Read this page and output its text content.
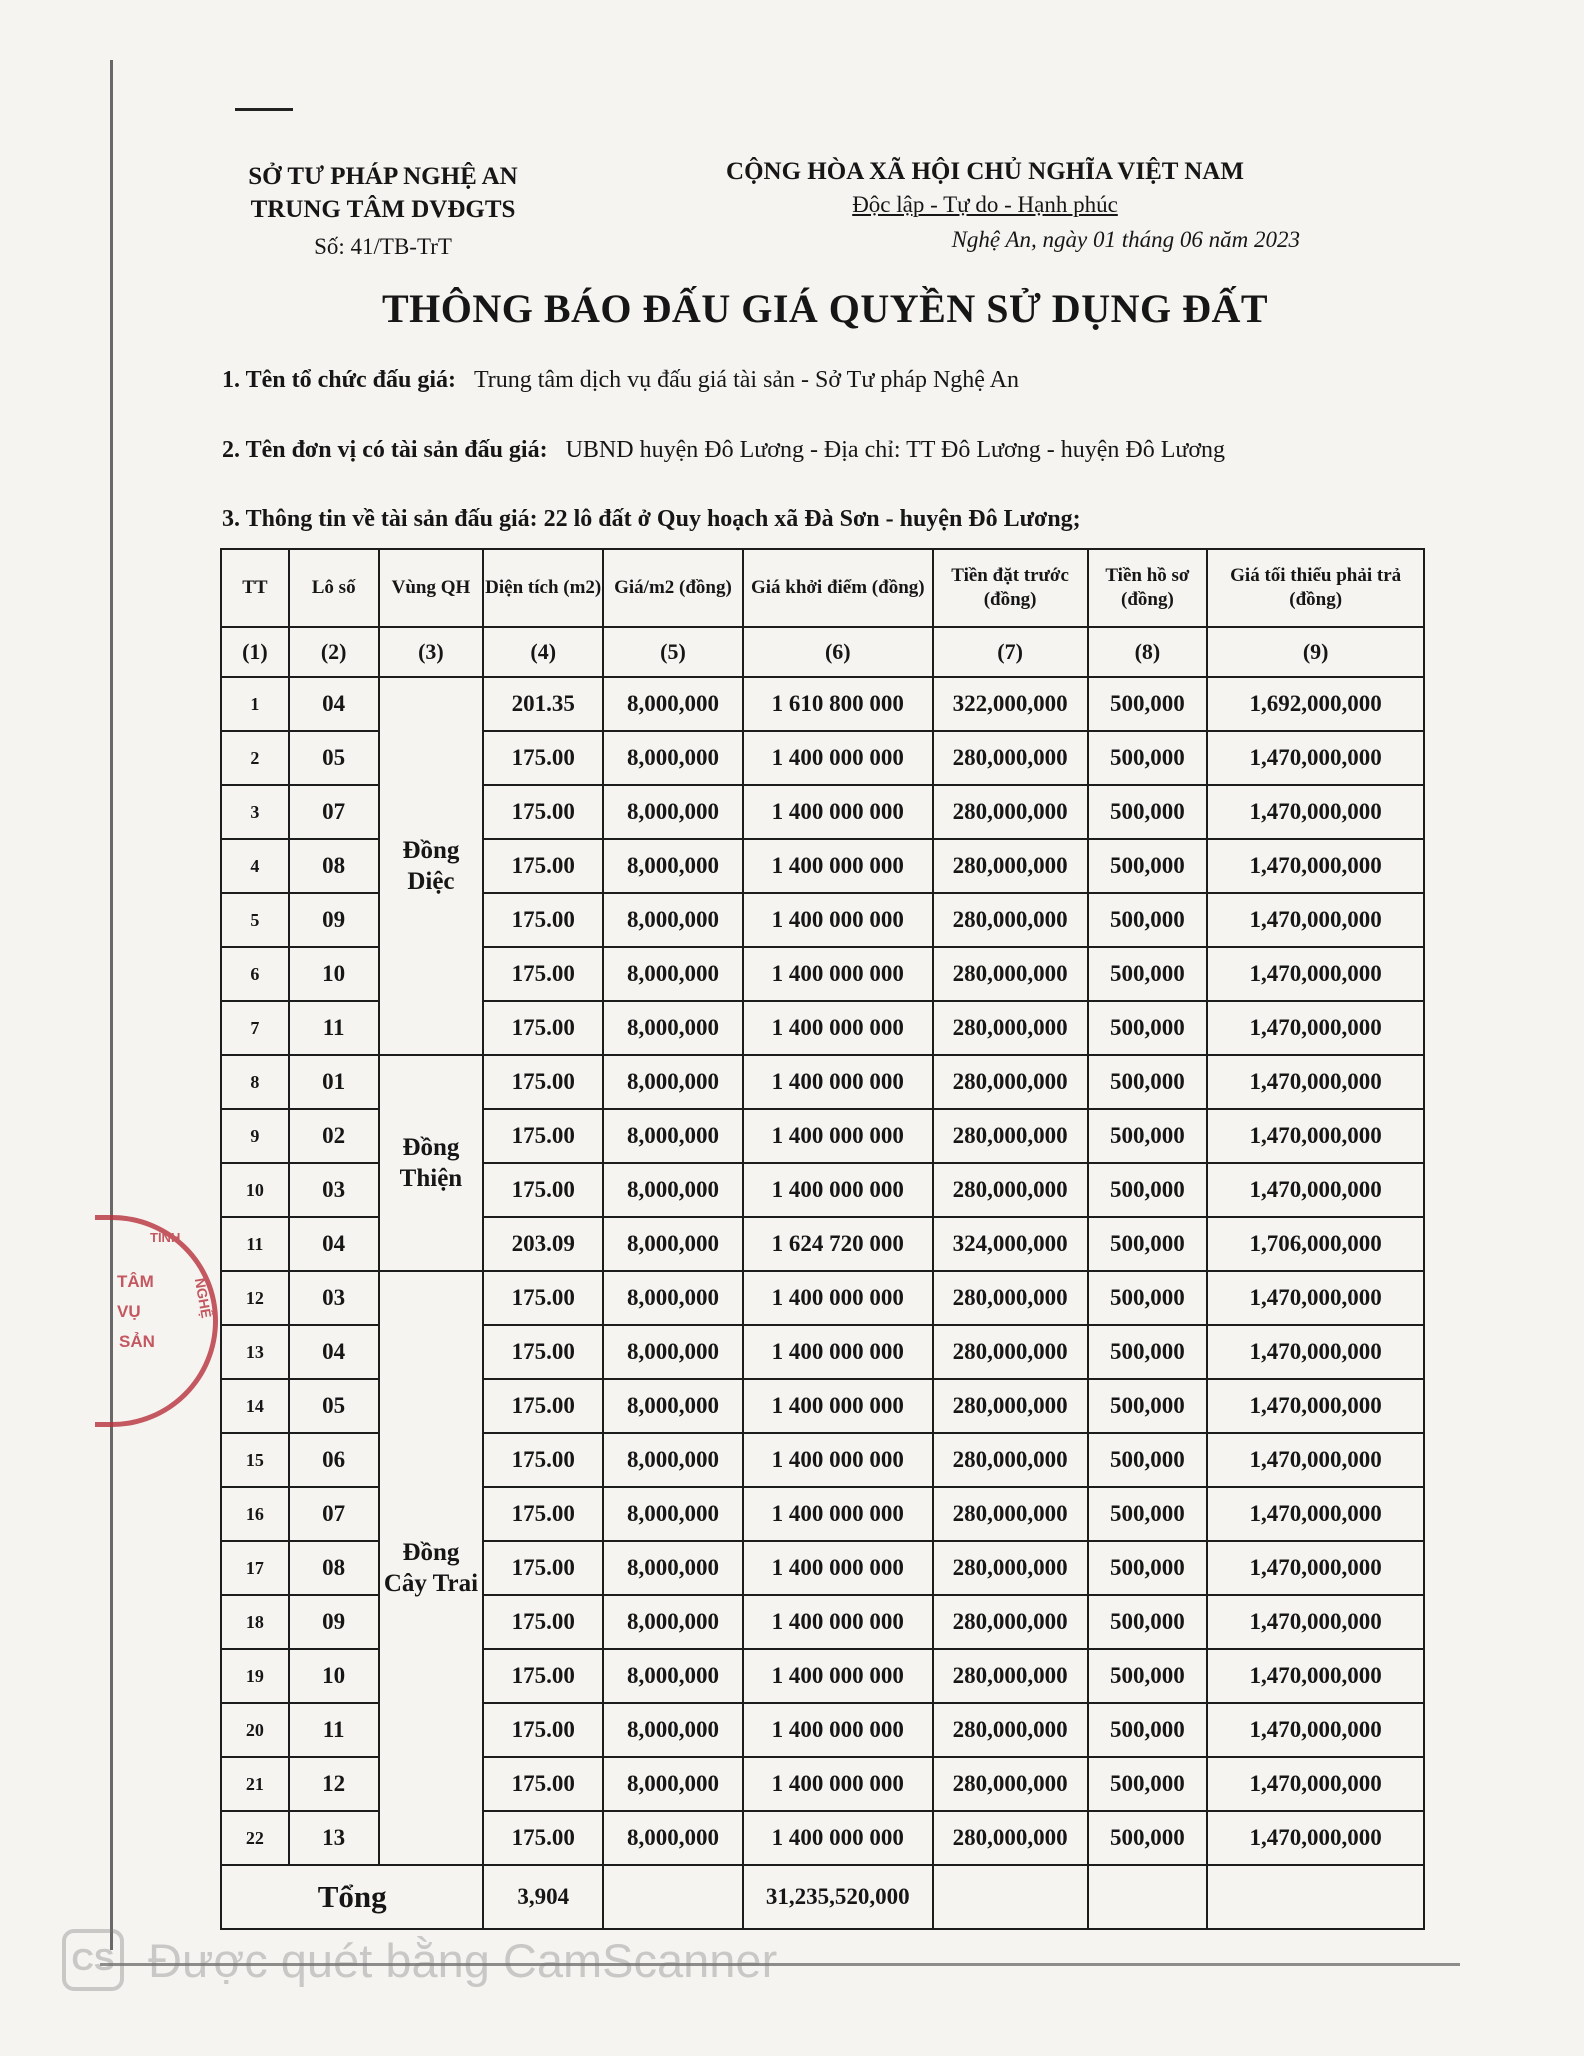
SỞ TƯ PHÁP NGHỆ AN
TRUNG TÂM DVĐGTS
Số: 41/TB-TrT
CỘNG HÒA XÃ HỘI CHỦ NGHĨA VIỆT NAM
Độc lập - Tự do - Hạnh phúc
Nghệ An, ngày 01 tháng 06 năm 2023
THÔNG BÁO ĐẤU GIÁ QUYỀN SỬ DỤNG ĐẤT
1. Tên tổ chức đấu giá: Trung tâm dịch vụ đấu giá tài sản - Sở Tư pháp Nghệ An
2. Tên đơn vị có tài sản đấu giá: UBND huyện Đô Lương - Địa chỉ: TT Đô Lương - huyện Đô Lương
3. Thông tin về tài sản đấu giá: 22 lô đất ở Quy hoạch xã Đà Sơn - huyện Đô Lương;
TT	Lô số	Vùng QH	Diện tích (m2)	Giá/m2 (đồng)	Giá khởi điểm (đồng)	Tiền đặt trước (đồng)	Tiền hồ sơ (đồng)	Giá tối thiểu phải trả (đồng)
(1)	(2)	(3)	(4)	(5)	(6)	(7)	(8)	(9)
1	04	Đồng Diệc	201.35	8,000,000	1 610 800 000	322,000,000	500,000	1,692,000,000
2	05		175.00	8,000,000	1 400 000 000	280,000,000	500,000	1,470,000,000
3	07		175.00	8,000,000	1 400 000 000	280,000,000	500,000	1,470,000,000
4	08		175.00	8,000,000	1 400 000 000	280,000,000	500,000	1,470,000,000
5	09		175.00	8,000,000	1 400 000 000	280,000,000	500,000	1,470,000,000
6	10		175.00	8,000,000	1 400 000 000	280,000,000	500,000	1,470,000,000
7	11		175.00	8,000,000	1 400 000 000	280,000,000	500,000	1,470,000,000
8	01	Đồng Thiện	175.00	8,000,000	1 400 000 000	280,000,000	500,000	1,470,000,000
9	02		175.00	8,000,000	1 400 000 000	280,000,000	500,000	1,470,000,000
10	03		175.00	8,000,000	1 400 000 000	280,000,000	500,000	1,470,000,000
11	04		203.09	8,000,000	1 624 720 000	324,000,000	500,000	1,706,000,000
12	03	Đồng Cây Trai	175.00	8,000,000	1 400 000 000	280,000,000	500,000	1,470,000,000
13	04		175.00	8,000,000	1 400 000 000	280,000,000	500,000	1,470,000,000
14	05		175.00	8,000,000	1 400 000 000	280,000,000	500,000	1,470,000,000
15	06		175.00	8,000,000	1 400 000 000	280,000,000	500,000	1,470,000,000
16	07		175.00	8,000,000	1 400 000 000	280,000,000	500,000	1,470,000,000
17	08		175.00	8,000,000	1 400 000 000	280,000,000	500,000	1,470,000,000
18	09		175.00	8,000,000	1 400 000 000	280,000,000	500,000	1,470,000,000
19	10		175.00	8,000,000	1 400 000 000	280,000,000	500,000	1,470,000,000
20	11		175.00	8,000,000	1 400 000 000	280,000,000	500,000	1,470,000,000
21	12		175.00	8,000,000	1 400 000 000	280,000,000	500,000	1,470,000,000
22	13		175.00	8,000,000	1 400 000 000	280,000,000	500,000	1,470,000,000
Tổng			3,904		31,235,520,000			
TỈNH
NGHỆ
TÂM
VỤ
SẢN
CS Được quét bằng CamScanner
